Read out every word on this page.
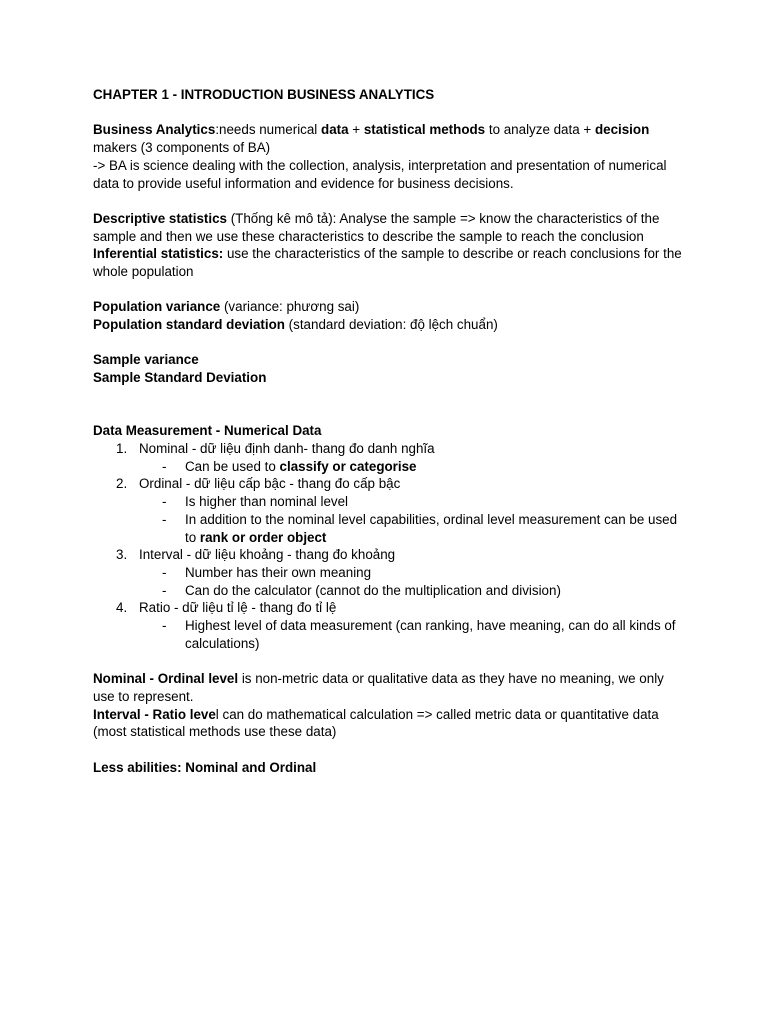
CHAPTER 1 - INTRODUCTION BUSINESS ANALYTICS

Business Analytics:needs numerical data + statistical methods to analyze data + decision makers (3 components of BA)

-> BA is science dealing with the collection, analysis, interpretation and presentation of numerical data to provide useful information and evidence for business decisions.

Descriptive statistics (Thống kê mô tả): Analyse the sample => know the characteristics of the sample and then we use these characteristics to describe the sample to reach the conclusion

Inferential statistics: use the characteristics of the sample to describe or reach conclusions for the whole population

Population variance (variance: phương sai)

Population standard deviation (standard deviation: độ lệch chuẩn)

Sample variance

Sample Standard Deviation

Data Measurement - Numerical Data

1. Nominal - dữ liệu định danh- thang đo danh nghĩa
- Can be used to classify or categorise
2. Ordinal - dữ liệu cấp bậc - thang đo cấp bậc
- Is higher than nominal level
- In addition to the nominal level capabilities, ordinal level measurement can be used to rank or order object
3. Interval - dữ liệu khoảng - thang đo khoảng
- Number has their own meaning
- Can do the calculator (cannot do the multiplication and division)
4. Ratio - dữ liệu tỉ lệ - thang đo tỉ lệ
- Highest level of data measurement (can ranking, have meaning, can do all kinds of calculations)

Nominal - Ordinal level is non-metric data or qualitative data as they have no meaning, we only use to represent.

Interval - Ratio level can do mathematical calculation => called metric data or quantitative data (most statistical methods use these data)

Less abilities: Nominal and Ordinal
